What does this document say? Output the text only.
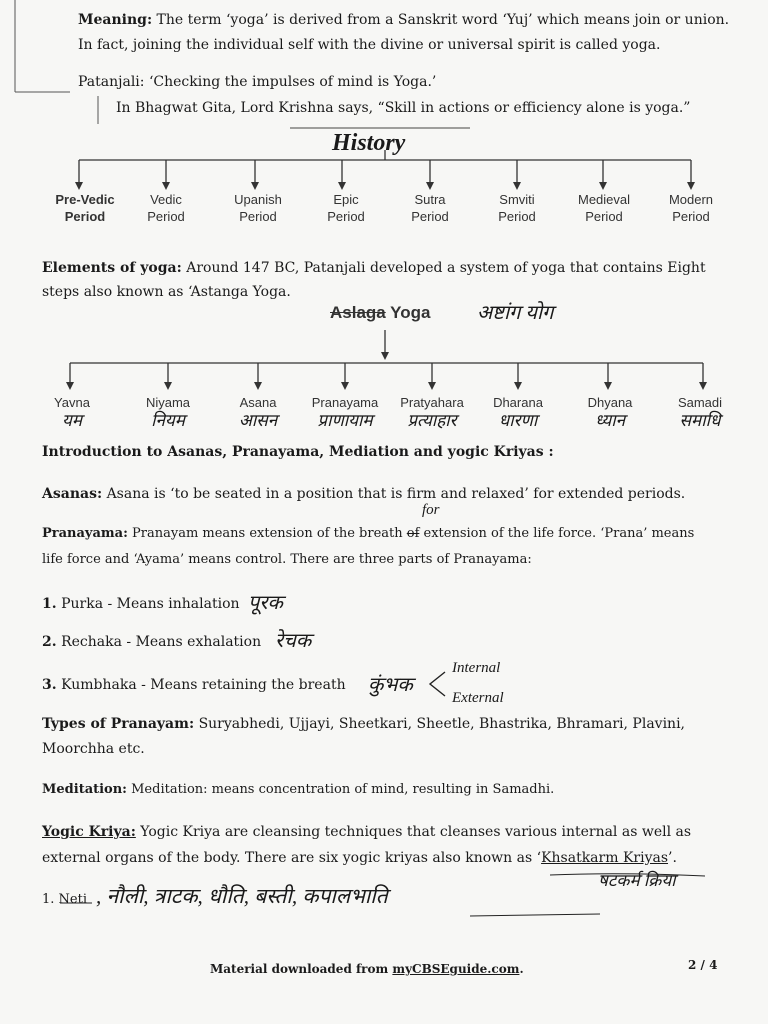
Meaning: The term ‘yoga’ is derived from a Sanskrit word ‘Yuj’ which means join or union.
In fact, joining the individual self with the divine or universal spirit is called yoga.
Patanjali: ‘Checking the impulses of mind is Yoga.’
In Bhagwat Gita, Lord Krishna says, “Skill in actions or efficiency alone is yoga.”
History
Pre-Vedic
Period
Vedic
Period
Upanish
Period
Epic
Period
Sutra
Period
Smviti
Period
Medieval
Period
Modern
Period
Elements of yoga: Around 147 BC, Patanjali developed a system of yoga that contains Eight
steps also known as ‘Astanga Yoga.
Aslaga Yoga अष्टांग योग
Yavna
यम
Niyama
नियम
Asana
आसन
Pranayama
प्राणायाम
Pratyahara
प्रत्याहार
Dharana
धारणा
Dhyana
ध्यान
Samadi
समाधि
Introduction to Asanas, Pranayama, Mediation and yogic Kriyas :
Asanas: Asana is ‘to be seated in a position that is firm and relaxed’ for extended periods.
for
Pranayama: Pranayam means extension of the breath of extension of the life force. ‘Prana’ means
life force and ‘Ayama’ means control. There are three parts of Pranayama:
1. Purka - Means inhalation पूरक
2. Rechaka - Means exhalation रेचक
3. Kumbhaka - Means retaining the breath कुंभक
Internal
External
Types of Pranayam: Suryabhedi, Ujjayi, Sheetkari, Sheetle, Bhastrika, Bhramari, Plavini,
Moorchha etc.
Meditation: Meditation: means concentration of mind, resulting in Samadhi.
Yogic Kriya: Yogic Kriya are cleansing techniques that cleanses various internal as well as
external organs of the body. There are six yogic kriyas also known as ‘Khsatkarm Kriyas’.
षटकर्म क्रिया
1. Neti , नौली, त्राटक, धौति, बस्ती, कपालभाति
Material downloaded from myCBSEguide.com.	2 / 4
